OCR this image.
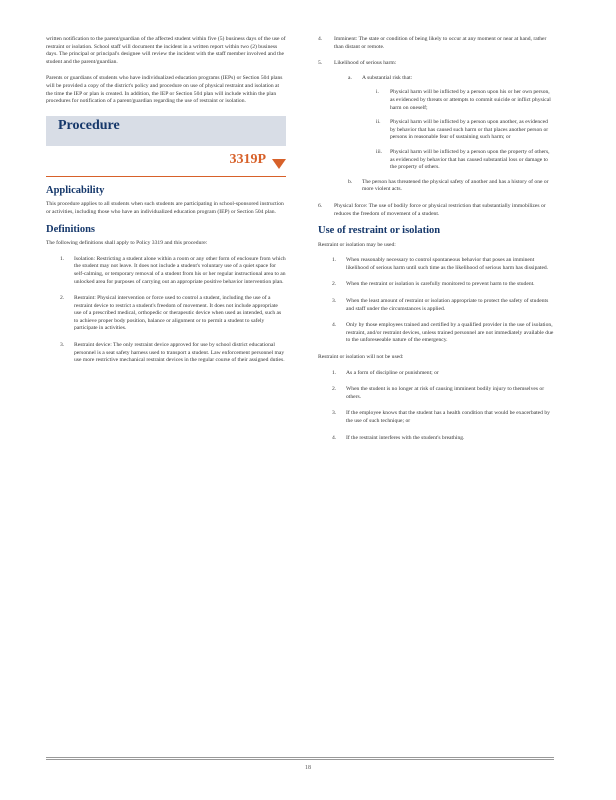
written notification to the parent/guardian of the affected student within five (5) business days of the use of restraint or isolation. School staff will document the incident in a written report within two (2) business days. The principal or principal's designee will review the incident with the staff member involved and the student and the parent/guardian.

Parents or guardians of students who have individualized education programs (IEPs) or Section 504 plans will be provided a copy of the district's policy and procedure on use of physical restraint and isolation at the time the IEP or plan is created. In addition, the IEP or Section 504 plan will include within the plan procedures for notification of a parent/guardian regarding the use of restraint or isolation.

Procedure
3319P
Applicability

This procedure applies to all students when such students are participating in school-sponsored instruction or activities, including those who have an individualized education program (IEP) or Section 504 plan.

Definitions

The following definitions shall apply to Policy 3319 and this procedure:

1. Isolation: Restricting a student alone within a room or any other form of enclosure from which the student may not leave. It does not include a student's voluntary use of a quiet space for self-calming, or temporary removal of a student from his or her regular instructional area to an unlocked area for purposes of carrying out an appropriate positive behavior intervention plan.
2. Restraint: Physical intervention or force used to control a student, including the use of a restraint device to restrict a student's freedom of movement. It does not include appropriate use of a prescribed medical, orthopedic or therapeutic device when used as intended, such as to achieve proper body position, balance or alignment or to permit a student to safely participate in activities.
3. Restraint device: The only restraint device approved for use by school district educational personnel is a seat safety harness used to transport a student. Law enforcement personnel may use more restrictive mechanical restraint devices in the regular course of their assigned duties.
4. Imminent: The state or condition of being likely to occur at any moment or near at hand, rather than distant or remote.
5. Likelihood of serious harm:
a. A substantial risk that:
i. Physical harm will be inflicted by a person upon his or her own person, as evidenced by threats or attempts to commit suicide or inflict physical harm on oneself;
ii. Physical harm will be inflicted by a person upon another, as evidenced by behavior that has caused such harm or that places another person or persons in reasonable fear of sustaining such harm; or
iii. Physical harm will be inflicted by a person upon the property of others, as evidenced by behavior that has caused substantial loss or damage to the property of others.
b. The person has threatened the physical safety of another and has a history of one or more violent acts.
6. Physical force: The use of bodily force or physical restriction that substantially immobilizes or reduces the freedom of movement of a student.
Use of restraint or isolation

Restraint or isolation may be used:

1. When reasonably necessary to control spontaneous behavior that poses an imminent likelihood of serious harm until such time as the likelihood of serious harm has dissipated.
2. When the restraint or isolation is carefully monitored to prevent harm to the student.
3. When the least amount of restraint or isolation appropriate to protect the safety of students and staff under the circumstances is applied.
4. Only by those employees trained and certified by a qualified provider in the use of isolation, restraint, and/or restraint devices, unless trained personnel are not immediately available due to the unforeseeable nature of the emergency.

Restraint or isolation will not be used:

1. As a form of discipline or punishment; or
2. When the student is no longer at risk of causing imminent bodily injury to themselves or others.
3. If the employee knows that the student has a health condition that would be exacerbated by the use of such technique; or
4. If the restraint interferes with the student's breathing.
18
